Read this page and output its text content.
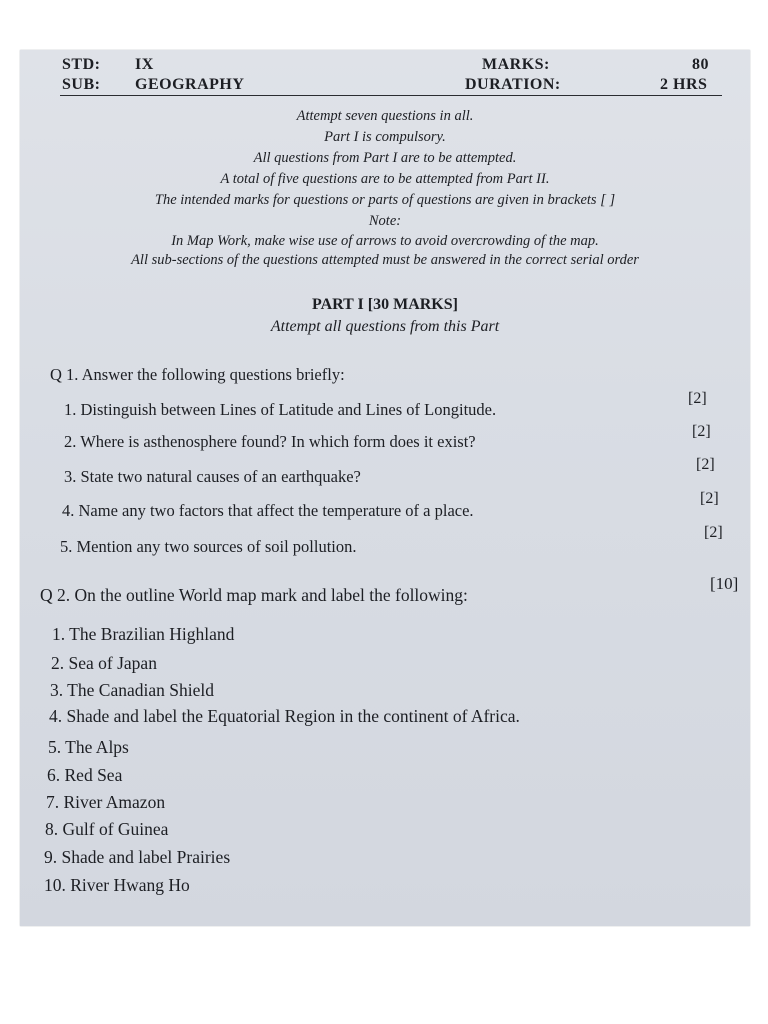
STD: IX	MARKS:	80
SUB: GEOGRAPHY	DURATION:	2 HRS
Attempt seven questions in all.
Part I is compulsory.
All questions from Part I are to be attempted.
A total of five questions are to be attempted from Part II.
The intended marks for questions or parts of questions are given in brackets [ ]
Note:
In Map Work, make wise use of arrows to avoid overcrowding of the map.
All sub-sections of the questions attempted must be answered in the correct serial order
PART I [30 MARKS]
Attempt all questions from this Part
Q 1. Answer the following questions briefly:
1. Distinguish between Lines of Latitude and Lines of Longitude.
[2]
2. Where is asthenosphere found? In which form does it exist?
[2]
3. State two natural causes of an earthquake?
[2]
4. Name any two factors that affect the temperature of a place.
[2]
5. Mention any two sources of soil pollution.
[2]
Q 2. On the outline World map mark and label the following:
[10]
1. The Brazilian Highland
2. Sea of Japan
3. The Canadian Shield
4. Shade and label the Equatorial Region in the continent of Africa.
5. The Alps
6. Red Sea
7. River Amazon
8. Gulf of Guinea
9. Shade and label Prairies
10. River Hwang Ho
